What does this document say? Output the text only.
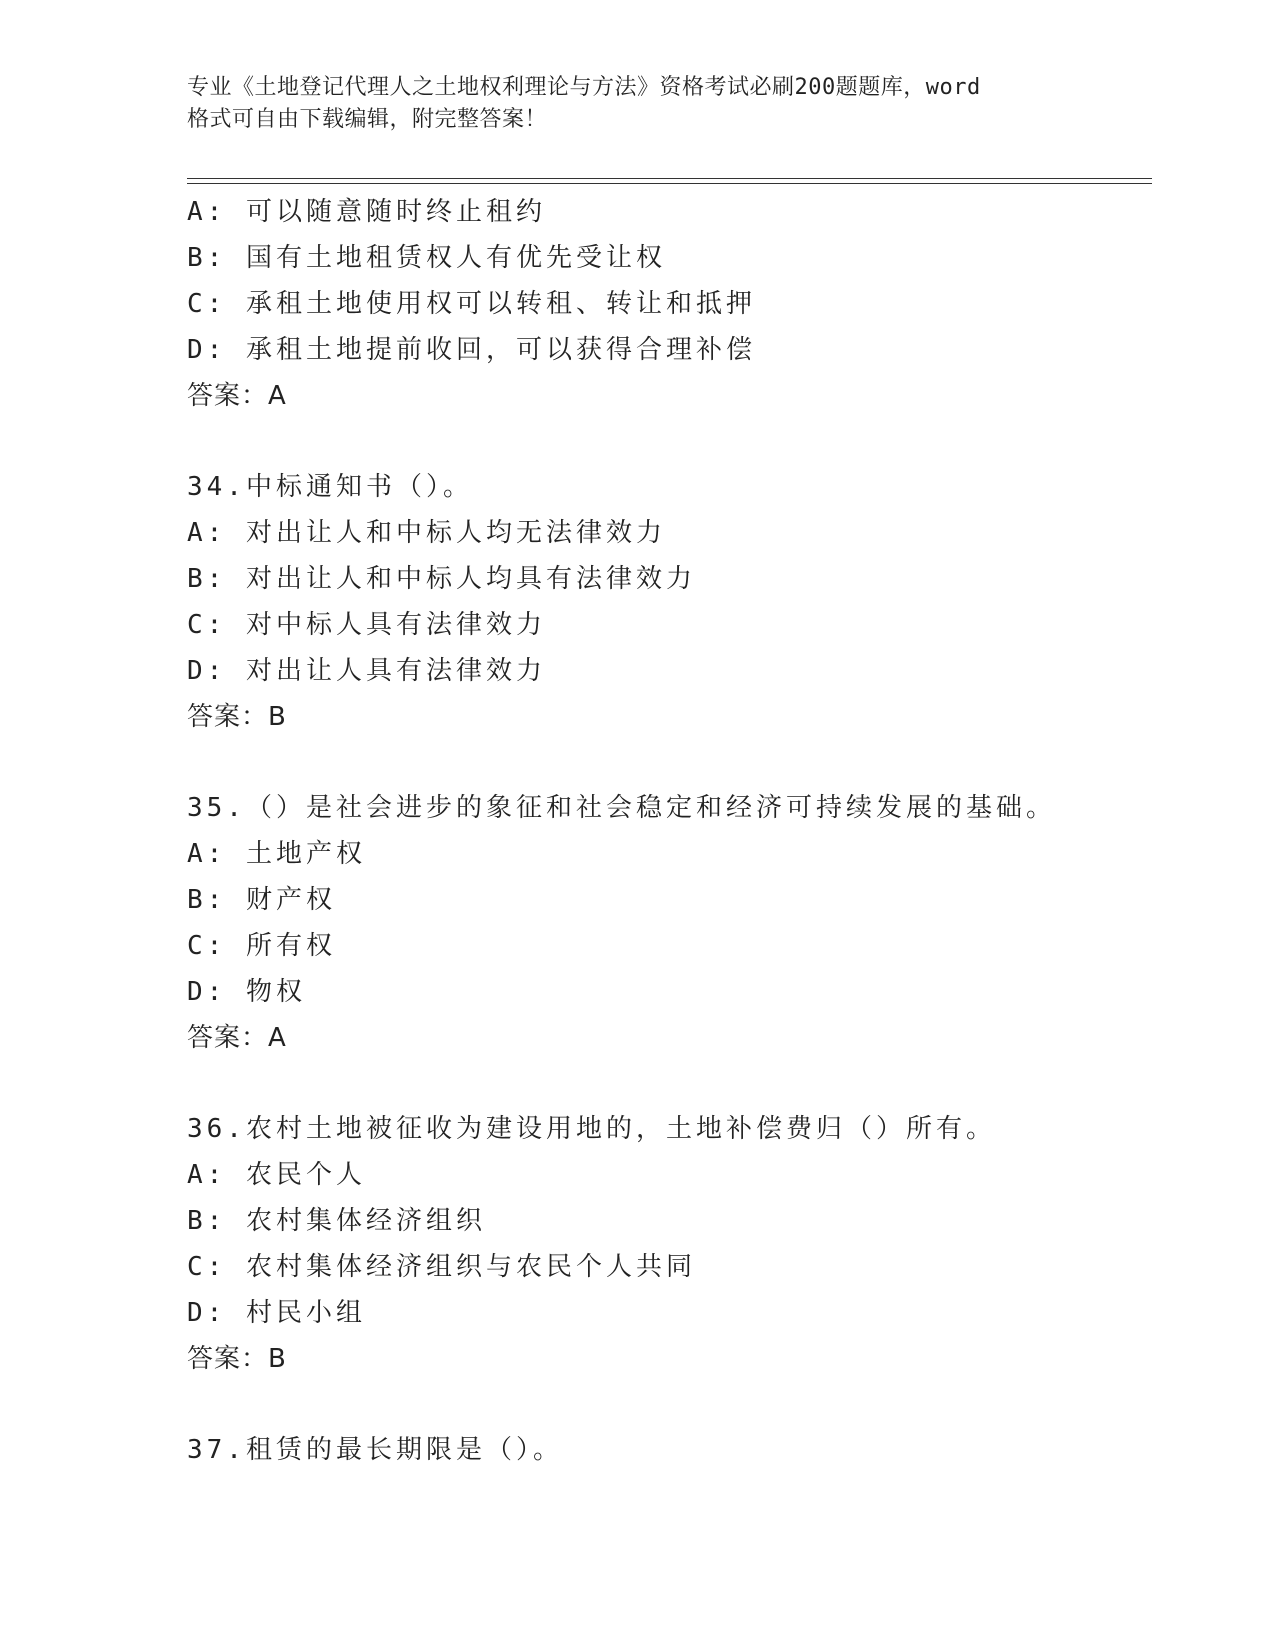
专业《土地登记代理人之土地权利理论与方法》资格考试必刷200题题库，word
格式可自由下载编辑，附完整答案！
A: 可以随意随时终止租约
B: 国有土地租赁权人有优先受让权
C: 承租土地使用权可以转租、转让和抵押
D: 承租土地提前收回，可以获得合理补偿
答案：A
34.中标通知书（）。
A: 对出让人和中标人均无法律效力
B: 对出让人和中标人均具有法律效力
C: 对中标人具有法律效力
D: 对出让人具有法律效力
答案：B
35.（）是社会进步的象征和社会稳定和经济可持续发展的基础。
A: 土地产权
B: 财产权
C: 所有权
D: 物权
答案：A
36.农村土地被征收为建设用地的，土地补偿费归（）所有。
A: 农民个人
B: 农村集体经济组织
C: 农村集体经济组织与农民个人共同
D: 村民小组
答案：B
37.租赁的最长期限是（）。
